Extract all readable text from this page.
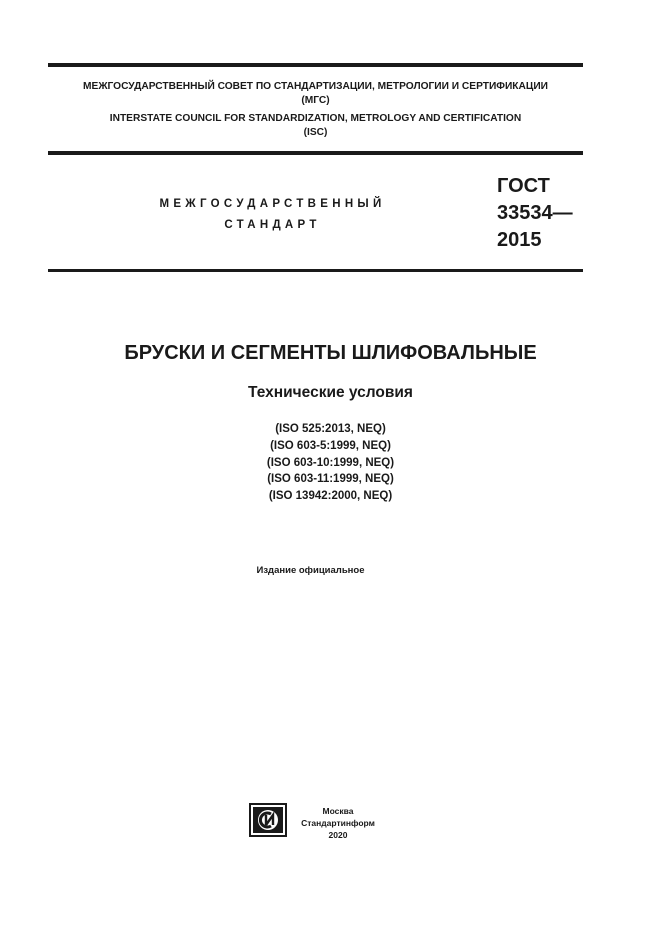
МЕЖГОСУДАРСТВЕННЫЙ СОВЕТ ПО СТАНДАРТИЗАЦИИ, МЕТРОЛОГИИ И СЕРТИФИКАЦИИ
(МГС)
INTERSTATE COUNCIL FOR STANDARDIZATION, METROLOGY AND CERTIFICATION
(ISC)
МЕЖГОСУДАРСТВЕННЫЙ
СТАНДАРТ
ГОСТ
33534—
2015
БРУСКИ И СЕГМЕНТЫ ШЛИФОВАЛЬНЫЕ
Технические условия
(ISO 525:2013, NEQ)
(ISO 603-5:1999, NEQ)
(ISO 603-10:1999, NEQ)
(ISO 603-11:1999, NEQ)
(ISO 13942:2000, NEQ)
Издание официальное
Москва
Стандартинформ
2020
